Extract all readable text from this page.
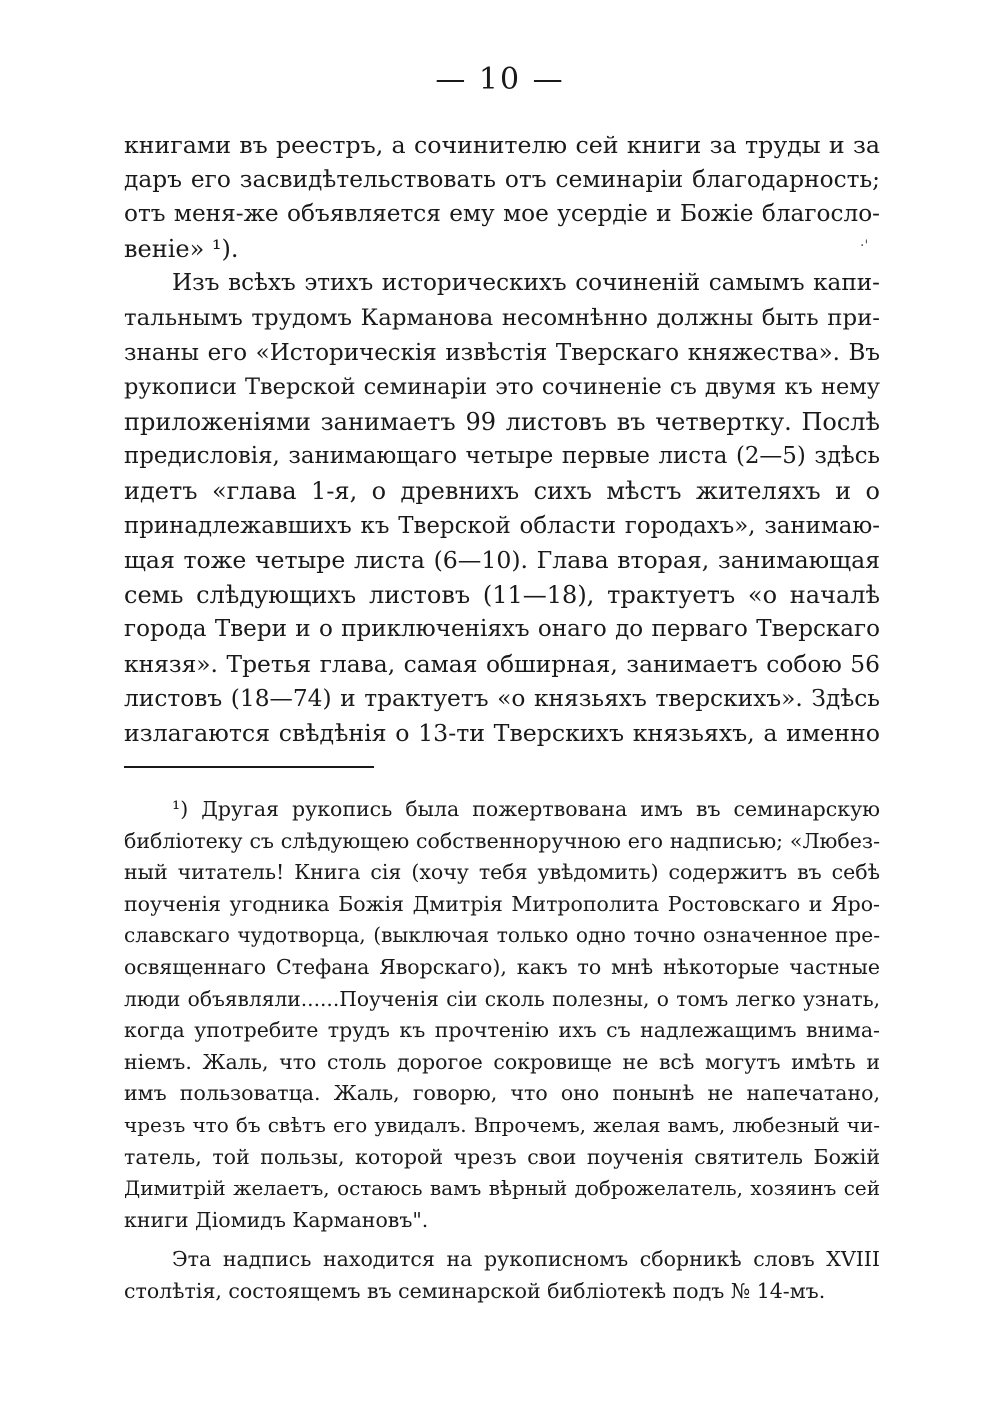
— 10 —
·'
книгами въ реестръ, а сочинителю сей книги за труды и за
даръ его засвидѣтельствовать отъ семинаріи благодарность;
отъ меня-же объявляется ему мое усердіе и Божіе благосло-
веніе» ¹).
Изъ всѣхъ этихъ историческихъ сочиненій самымъ капи-
тальнымъ трудомъ Карманова несомнѣнно должны быть при-
знаны его «Историческія извѣстія Тверскаго княжества». Въ
рукописи Тверской семинаріи это сочиненіе съ двумя къ нему
приложеніями занимаетъ 99 листовъ въ четвертку. Послѣ
предисловія, занимающаго четыре первые листа (2—5) здѣсь
идетъ «глава 1-я, о древнихъ сихъ мѣстъ жителяхъ и о
принадлежавшихъ къ Тверской области городахъ», занимаю-
щая тоже четыре листа (6—10). Глава вторая, занимающая
семь слѣдующихъ листовъ (11—18), трактуетъ «о началѣ
города Твери и о приключеніяхъ онаго до перваго Тверскаго
князя». Третья глава, самая обширная, занимаетъ собою 56
листовъ (18—74) и трактуетъ «о князьяхъ тверскихъ». Здѣсь
излагаются свѣдѣнія о 13-ти Тверскихъ князьяхъ, а именно
¹) Другая рукопись была пожертвована имъ въ семинарскую
библіотеку съ слѣдующею собственноручною его надписью; «Любез-
ный читатель! Книга сія (хочу тебя увѣдомить) содержитъ въ себѣ
поученія угодника Божія Дмитрія Митрополита Ростовскаго и Яро-
славскаго чудотворца, (выключая только одно точно означенное пре-
освященнаго Стефана Яворскаго), какъ то мнѣ нѣкоторые частные
люди объявляли......Поученія сіи сколь полезны, о томъ легко узнать,
когда употребите трудъ къ прочтенію ихъ съ надлежащимъ внима-
ніемъ. Жаль, что столь дорогое сокровище не всѣ могутъ имѣть и
имъ пользоватца. Жаль, говорю, что оно понынѣ не напечатано,
чрезъ что бъ свѣтъ его увидалъ. Впрочемъ, желая вамъ, любезный чи-
татель, той пользы, которой чрезъ свои поученія святитель Божій
Димитрій желаетъ, остаюсь вамъ вѣрный доброжелатель, хозяинъ сей
книги Діомидъ Кармановъ".
Эта надпись находится на рукописномъ сборникѣ словъ XVIII
столѣтія, состоящемъ въ семинарской библіотекѣ подъ № 14-мъ.
